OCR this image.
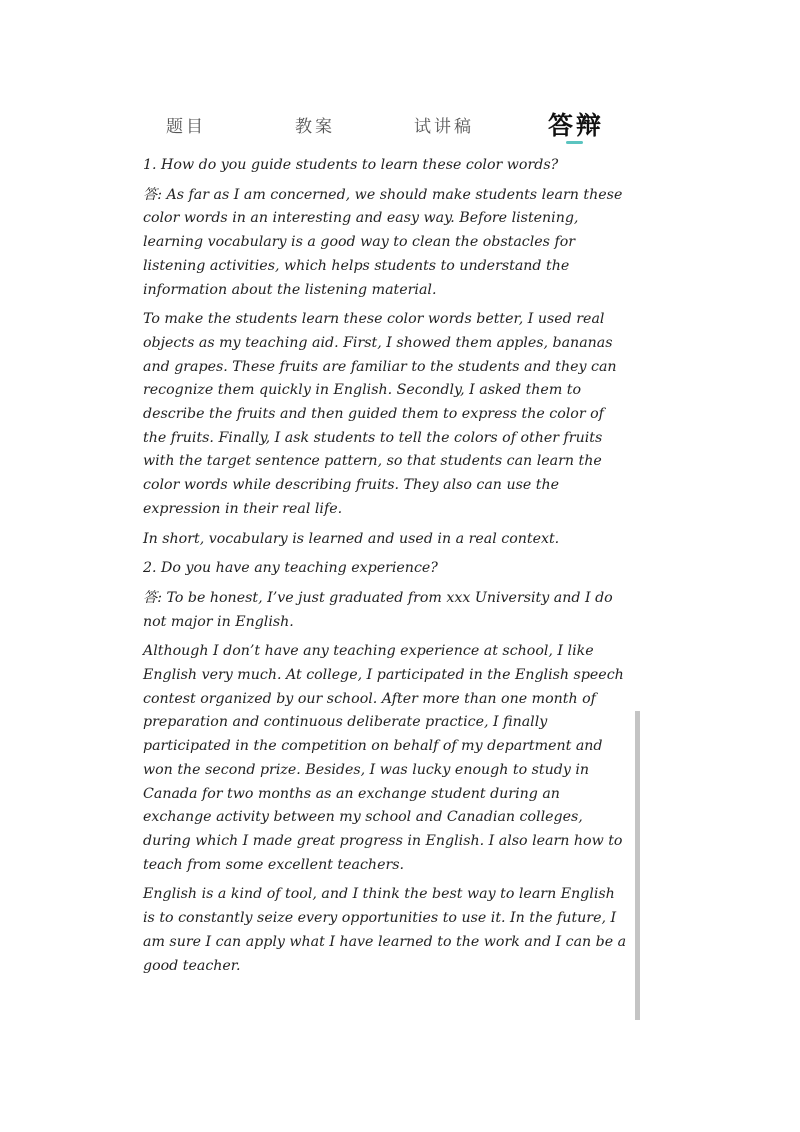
题目	教案	试讲稿	答辩

1. How do you guide students to learn these color words?

答: As far as I am concerned, we should make students learn these color words in an interesting and easy way. Before listening, learning vocabulary is a good way to clean the obstacles for listening activities, which helps students to understand the information about the listening material.

To make the students learn these color words better, I used real objects as my teaching aid. First, I showed them apples, bananas and grapes. These fruits are familiar to the students and they can recognize them quickly in English. Secondly, I asked them to describe the fruits and then guided them to express the color of the fruits. Finally, I ask students to tell the colors of other fruits with the target sentence pattern, so that students can learn the color words while describing fruits. They also can use the expression in their real life.

In short, vocabulary is learned and used in a real context.

2. Do you have any teaching experience?

答: To be honest, I’ve just graduated from xxx University and I do not major in English.

Although I don’t have any teaching experience at school, I like English very much. At college, I participated in the English speech contest organized by our school. After more than one month of preparation and continuous deliberate practice, I finally participated in the competition on behalf of my department and won the second prize. Besides, I was lucky enough to study in Canada for two months as an exchange student during an exchange activity between my school and Canadian colleges, during which I made great progress in English. I also learn how to teach from some excellent teachers.

English is a kind of tool, and I think the best way to learn English is to constantly seize every opportunities to use it. In the future, I am sure I can apply what I have learned to the work and I can be a good teacher.
